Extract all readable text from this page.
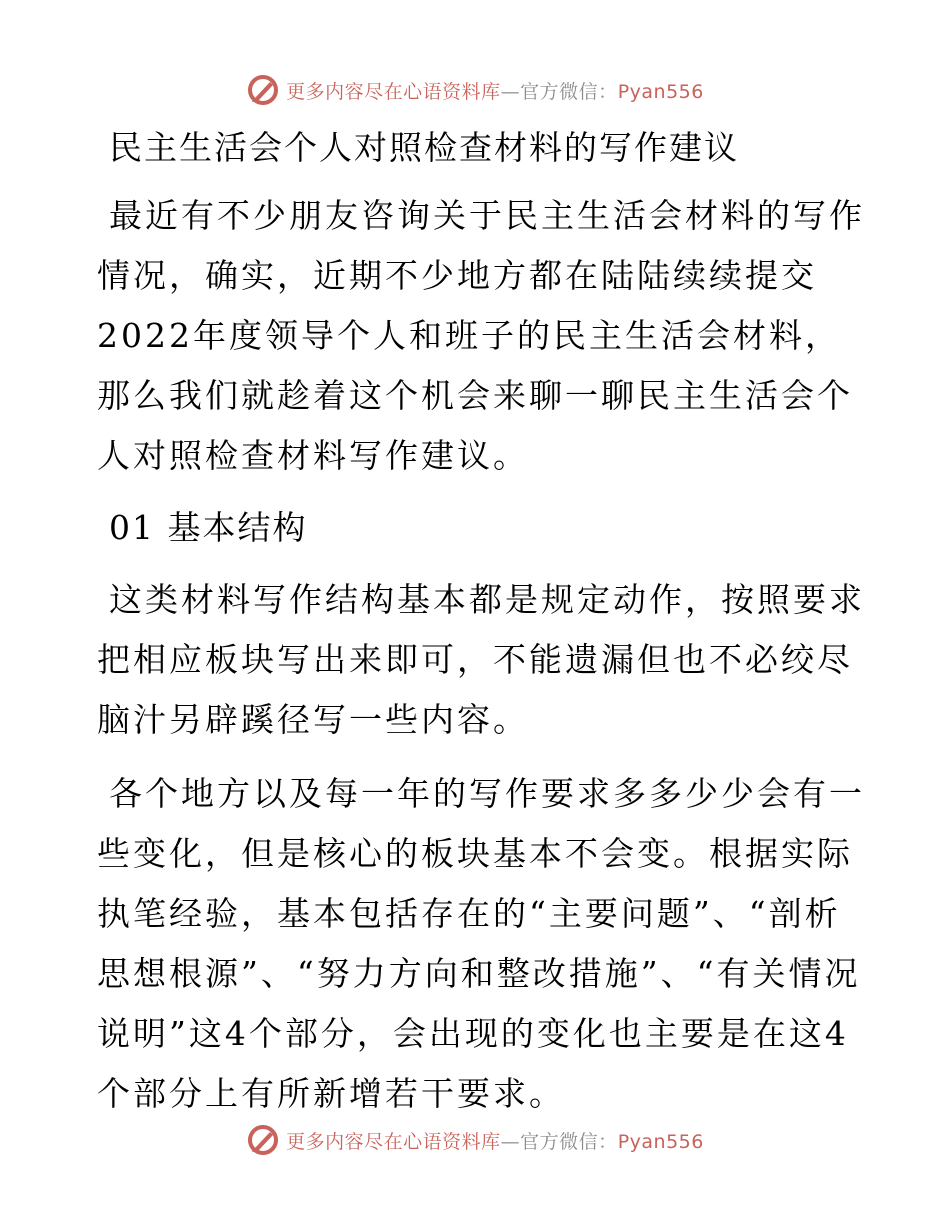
更多内容尽在心语资料库—官方微信：Pyan556
民主生活会个人对照检查材料的写作建议

最近有不少朋友咨询关于民主生活会材料的写作情况，确实，近期不少地方都在陆陆续续提交2022年度领导个人和班子的民主生活会材料，那么我们就趁着这个机会来聊一聊民主生活会个人对照检查材料写作建议。

01 基本结构

这类材料写作结构基本都是规定动作，按照要求把相应板块写出来即可，不能遗漏但也不必绞尽脑汁另辟蹊径写一些内容。

各个地方以及每一年的写作要求多多少少会有一些变化，但是核心的板块基本不会变。根据实际执笔经验，基本包括存在的“主要问题”、“剖析思想根源”、“努力方向和整改措施”、“有关情况说明”这4个部分，会出现的变化也主要是在这4个部分上有所新增若干要求。

更多内容尽在心语资料库—官方微信：Pyan556
